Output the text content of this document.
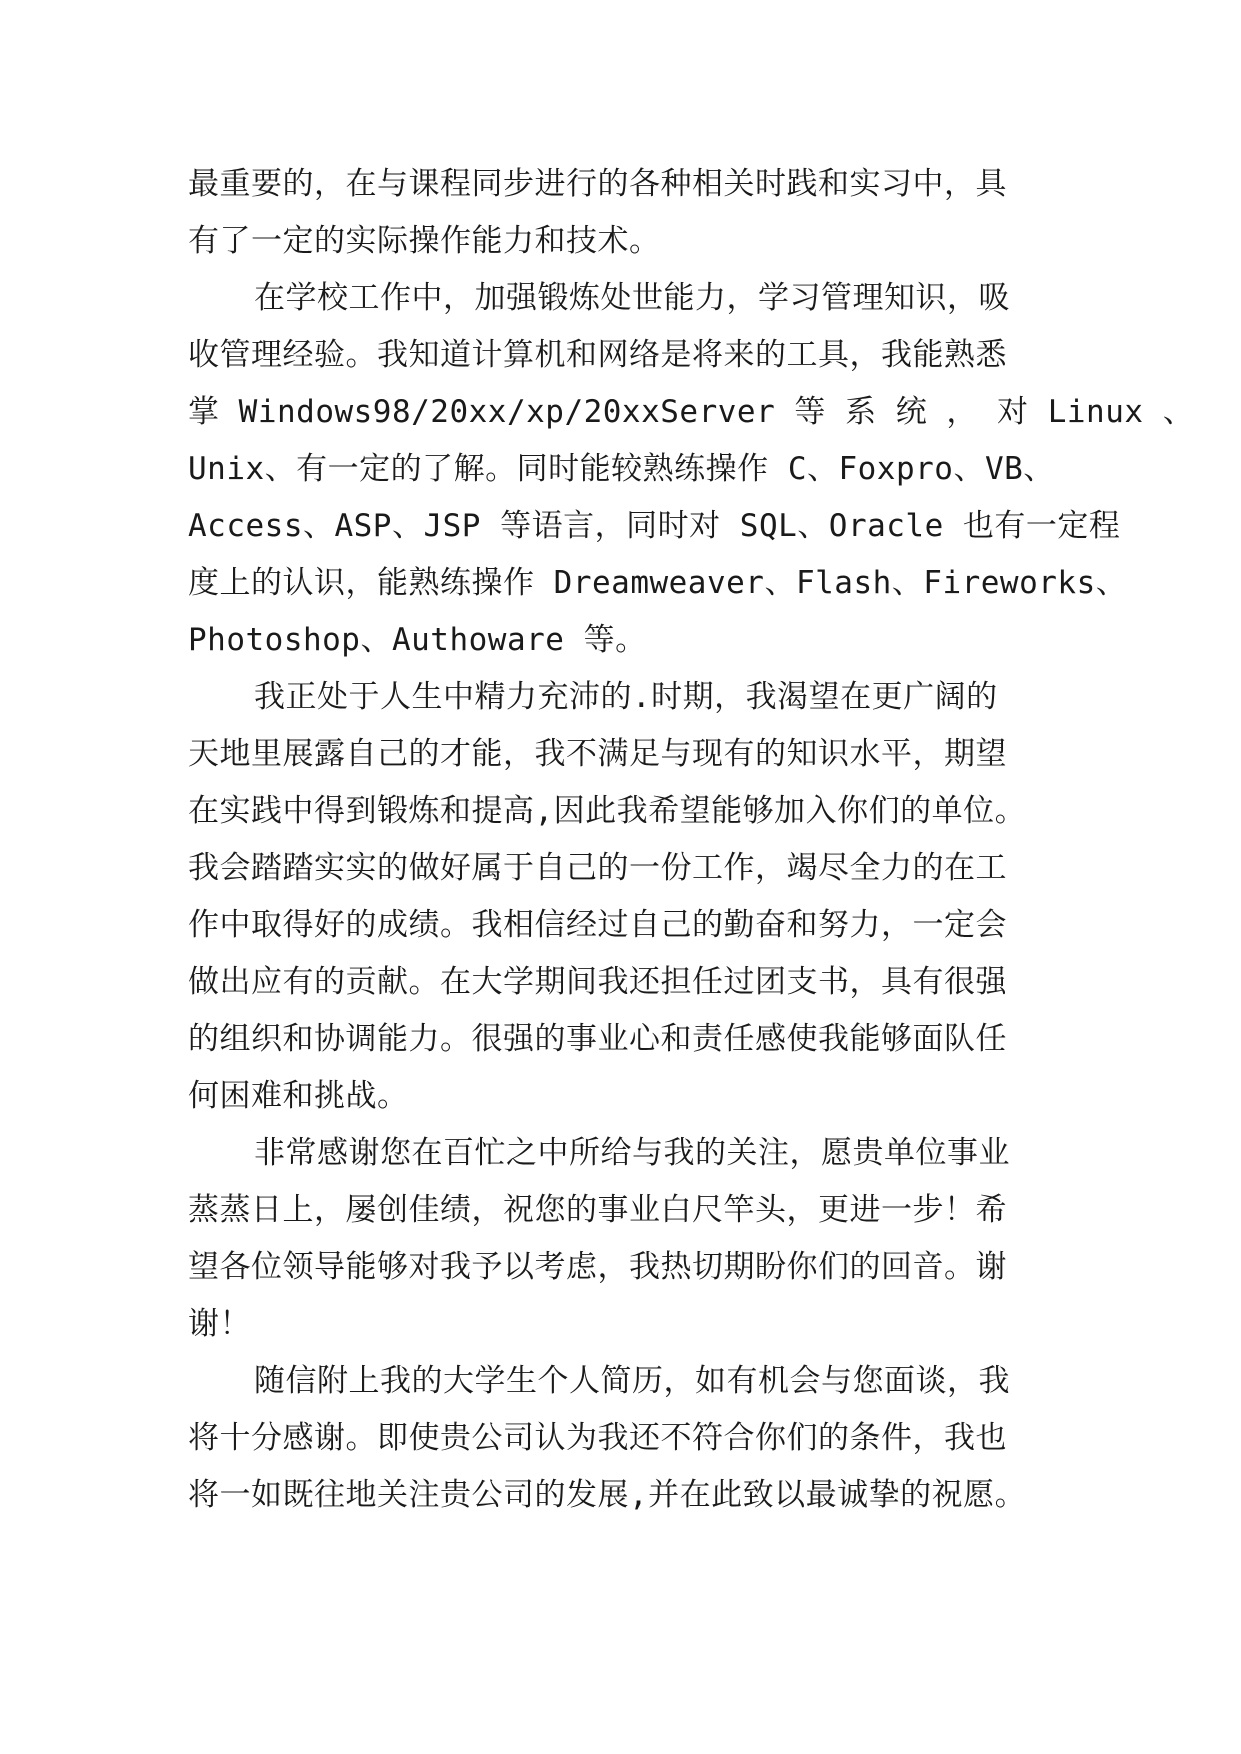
最重要的，在与课程同步进行的各种相关时践和实习中，具
有了一定的实际操作能力和技术。
在学校工作中，加强锻炼处世能力，学习管理知识，吸
收管理经验。我知道计算机和网络是将来的工具，我能熟悉
掌 Windows98/20xx/xp/20xxServer 等 系 统 ， 对 Linux 、
Unix、有一定的了解。同时能较熟练操作 C、Foxpro、VB、
Access、ASP、JSP 等语言，同时对 SQL、Oracle 也有一定程
度上的认识，能熟练操作 Dreamweaver、Flash、Fireworks、
Photoshop、Authoware 等。
我正处于人生中精力充沛的.时期，我渴望在更广阔的
天地里展露自己的才能，我不满足与现有的知识水平，期望
在实践中得到锻炼和提高,因此我希望能够加入你们的单位。
我会踏踏实实的做好属于自己的一份工作，竭尽全力的在工
作中取得好的成绩。我相信经过自己的勤奋和努力，一定会
做出应有的贡献。在大学期间我还担任过团支书，具有很强
的组织和协调能力。很强的事业心和责任感使我能够面队任
何困难和挑战。
非常感谢您在百忙之中所给与我的关注，愿贵单位事业
蒸蒸日上，屡创佳绩，祝您的事业白尺竿头，更进一步！希
望各位领导能够对我予以考虑，我热切期盼你们的回音。谢
谢！
随信附上我的大学生个人简历，如有机会与您面谈，我
将十分感谢。即使贵公司认为我还不符合你们的条件，我也
将一如既往地关注贵公司的发展,并在此致以最诚挚的祝愿。
